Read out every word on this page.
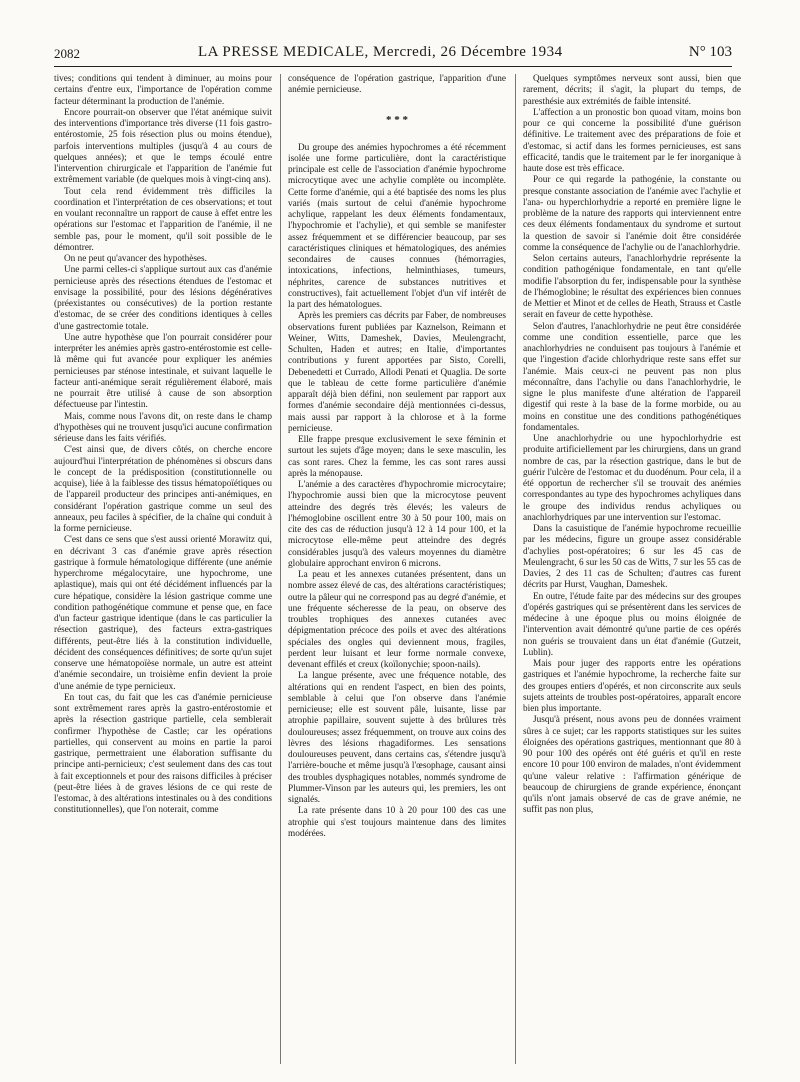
2082	LA PRESSE MEDICALE, Mercredi, 26 Décembre 1934	N° 103

tives; conditions qui tendent à diminuer, au moins pour certains d'entre eux, l'importance de l'opération comme facteur déterminant la production de l'anémie.

Encore pourrait-on observer que l'état anémique suivit des interventions d'importance très diverse (11 fois gastro-entérostomie, 25 fois résection plus ou moins étendue), parfois interventions multiples (jusqu'à 4 au cours de quelques années); et que le temps écoulé entre l'intervention chirurgicale et l'apparition de l'anémie fut extrêmement variable (de quelques mois à vingt-cinq ans).

Tout cela rend évidemment très difficiles la coordination et l'interprétation de ces observations; et tout en voulant reconnaître un rapport de cause à effet entre les opérations sur l'estomac et l'apparition de l'anémie, il ne semble pas, pour le moment, qu'il soit possible de le démontrer.

On ne peut qu'avancer des hypothèses.

Une parmi celles-ci s'applique surtout aux cas d'anémie pernicieuse après des résections étendues de l'estomac et envisage la possibilité, pour des lésions dégénératives (préexistantes ou consécutives) de la portion restante d'estomac, de se créer des conditions identiques à celles d'une gastrectomie totale.

Une autre hypothèse que l'on pourrait considérer pour interpréter les anémies après gastro-entérostomie est celle-là même qui fut avancée pour expliquer les anémies pernicieuses par sténose intestinale, et suivant laquelle le facteur anti-anémique serait régulièrement élaboré, mais ne pourrait être utilisé à cause de son absorption défectueuse par l'intestin.

Mais, comme nous l'avons dit, on reste dans le champ d'hypothèses qui ne trouvent jusqu'ici aucune confirmation sérieuse dans les faits vérifiés.

C'est ainsi que, de divers côtés, on cherche encore aujourd'hui l'interprétation de phénomènes si obscurs dans le concept de la prédisposition (constitutionnelle ou acquise), liée à la faiblesse des tissus hématopoïétiques ou de l'appareil producteur des principes anti-anémiques, en considérant l'opération gastrique comme un seul des anneaux, peu faciles à spécifier, de la chaîne qui conduit à la forme pernicieuse.

C'est dans ce sens que s'est aussi orienté Morawitz qui, en décrivant 3 cas d'anémie grave après résection gastrique à formule hématologique différente (une anémie hyperchrome mégalocytaire, une hypochrome, une aplastique), mais qui ont été décidément influencés par la cure hépatique, considère la lésion gastrique comme une condition pathogénétique commune et pense que, en face d'un facteur gastrique identique (dans le cas particulier la résection gastrique), des facteurs extra-gastriques différents, peut-être liés à la constitution individuelle, décident des conséquences définitives; de sorte qu'un sujet conserve une hématopoïèse normale, un autre est atteint d'anémie secondaire, un troisième enfin devient la proie d'une anémie de type pernicieux.

En tout cas, du fait que les cas d'anémie pernicieuse sont extrêmement rares après la gastro-entérostomie et après la résection gastrique partielle, cela semblerait confirmer l'hypothèse de Castle; car les opérations partielles, qui conservent au moins en partie la paroi gastrique, permettraient une élaboration suffisante du principe anti-pernicieux; c'est seulement dans des cas tout à fait exceptionnels et pour des raisons difficiles à préciser (peut-être liées à de graves lésions de ce qui reste de l'estomac, à des altérations intestinales ou à des conditions constitutionnelles), que l'on noterait, comme

conséquence de l'opération gastrique, l'apparition d'une anémie pernicieuse.

* * *

Du groupe des anémies hypochromes a été récemment isolée une forme particulière, dont la caractéristique principale est celle de l'association d'anémie hypochrome microcytique avec une achylie complète ou incomplète. Cette forme d'anémie, qui a été baptisée des noms les plus variés (mais surtout de celui d'anémie hypochrome achylique, rappelant les deux éléments fondamentaux, l'hypochromie et l'achylie), et qui semble se manifester assez fréquemment et se différencier beaucoup, par ses caractéristiques cliniques et hématologiques, des anémies secondaires de causes connues (hémorragies, intoxications, infections, helminthiases, tumeurs, néphrites, carence de substances nutritives et constructives), fait actuellement l'objet d'un vif intérêt de la part des hématologues.

Après les premiers cas décrits par Faber, de nombreuses observations furent publiées par Kaznelson, Reimann et Weiner, Witts, Dameshek, Davies, Meulengracht, Schulten, Haden et autres; en Italie, d'importantes contributions y furent apportées par Sisto, Corelli, Debenedetti et Currado, Allodi Penati et Quaglia. De sorte que le tableau de cette forme particulière d'anémie apparaît déjà bien défini, non seulement par rapport aux formes d'anémie secondaire déjà mentionnées ci-dessus, mais aussi par rapport à la chlorose et à la forme pernicieuse.

Elle frappe presque exclusivement le sexe féminin et surtout les sujets d'âge moyen; dans le sexe masculin, les cas sont rares. Chez la femme, les cas sont rares aussi après la ménopause.

L'anémie a des caractères d'hypochromie microcytaire; l'hypochromie aussi bien que la microcytose peuvent atteindre des degrés très élevés; les valeurs de l'hémoglobine oscillent entre 30 à 50 pour 100, mais on cite des cas de réduction jusqu'à 12 à 14 pour 100, et la microcytose elle-même peut atteindre des degrés considérables jusqu'à des valeurs moyennes du diamètre globulaire approchant environ 6 microns.

La peau et les annexes cutanées présentent, dans un nombre assez élevé de cas, des altérations caractéristiques; outre la pâleur qui ne correspond pas au degré d'anémie, et une fréquente sécheresse de la peau, on observe des troubles trophiques des annexes cutanées avec dépigmentation précoce des poils et avec des altérations spéciales des ongles qui deviennent mous, fragiles, perdent leur luisant et leur forme normale convexe, devenant effilés et creux (koïlonychie; spoon-nails).

La langue présente, avec une fréquence notable, des altérations qui en rendent l'aspect, en bien des points, semblable à celui que l'on observe dans l'anémie pernicieuse; elle est souvent pâle, luisante, lisse par atrophie papillaire, souvent sujette à des brûlures très douloureuses; assez fréquemment, on trouve aux coins des lèvres des lésions rhagadiformes. Les sensations douloureuses peuvent, dans certains cas, s'étendre jusqu'à l'arrière-bouche et même jusqu'à l'œsophage, causant ainsi des troubles dysphagiques notables, nommés syndrome de Plummer-Vinson par les auteurs qui, les premiers, les ont signalés.

La rate présente dans 10 à 20 pour 100 des cas une atrophie qui s'est toujours maintenue dans des limites modérées.

Quelques symptômes nerveux sont aussi, bien que rarement, décrits; il s'agit, la plupart du temps, de paresthésie aux extrémités de faible intensité.

L'affection a un pronostic bon quoad vitam, moins bon pour ce qui concerne la possibilité d'une guérison définitive. Le traitement avec des préparations de foie et d'estomac, si actif dans les formes pernicieuses, est sans efficacité, tandis que le traitement par le fer inorganique à haute dose est très efficace.

Pour ce qui regarde la pathogénie, la constante ou presque constante association de l'anémie avec l'achylie et l'ana- ou hyperchlorhydrie a reporté en première ligne le problème de la nature des rapports qui interviennent entre ces deux éléments fondamentaux du syndrome et surtout la question de savoir si l'anémie doit être considérée comme la conséquence de l'achylie ou de l'anachlorhydrie.

Selon certains auteurs, l'anachlorhydrie représente la condition pathogénique fondamentale, en tant qu'elle modifie l'absorption du fer, indispensable pour la synthèse de l'hémoglobine; le résultat des expériences bien connues de Mettier et Minot et de celles de Heath, Strauss et Castle serait en faveur de cette hypothèse.

Selon d'autres, l'anachlorhydrie ne peut être considérée comme une condition essentielle, parce que les anachlorhydries ne conduisent pas toujours à l'anémie et que l'ingestion d'acide chlorhydrique reste sans effet sur l'anémie. Mais ceux-ci ne peuvent pas non plus méconnaître, dans l'achylie ou dans l'anachlorhydrie, le signe le plus manifeste d'une altération de l'appareil digestif qui reste à la base de la forme morbide, ou au moins en constitue une des conditions pathogénétiques fondamentales.

Une anachlorhydrie ou une hypochlorhydrie est produite artificiellement par les chirurgiens, dans un grand nombre de cas, par la résection gastrique, dans le but de guérir l'ulcère de l'estomac et du duodénum. Pour cela, il a été opportun de rechercher s'il se trouvait des anémies correspondantes au type des hypochromes achyliques dans le groupe des individus rendus achyliques ou anachlorhydriques par une intervention sur l'estomac.

Dans la casuistique de l'anémie hypochrome recueillie par les médecins, figure un groupe assez considérable d'achylies post-opératoires; 6 sur les 45 cas de Meulengracht, 6 sur les 50 cas de Witts, 7 sur les 55 cas de Davies, 2 des 11 cas de Schulten; d'autres cas furent décrits par Hurst, Vaughan, Dameshek.

En outre, l'étude faite par des médecins sur des groupes d'opérés gastriques qui se présentèrent dans les services de médecine à une époque plus ou moins éloignée de l'intervention avait démontré qu'une partie de ces opérés non guéris se trouvaient dans un état d'anémie (Gutzeit, Lublin).

Mais pour juger des rapports entre les opérations gastriques et l'anémie hypochrome, la recherche faite sur des groupes entiers d'opérés, et non circonscrite aux seuls sujets atteints de troubles post-opératoires, apparaît encore bien plus importante.

Jusqu'à présent, nous avons peu de données vraiment sûres à ce sujet; car les rapports statistiques sur les suites éloignées des opérations gastriques, mentionnant que 80 à 90 pour 100 des opérés ont été guéris et qu'il en reste encore 10 pour 100 environ de malades, n'ont évidemment qu'une valeur relative : l'affirmation générique de beaucoup de chirurgiens de grande expérience, énonçant qu'ils n'ont jamais observé de cas de grave anémie, ne suffit pas non plus,
